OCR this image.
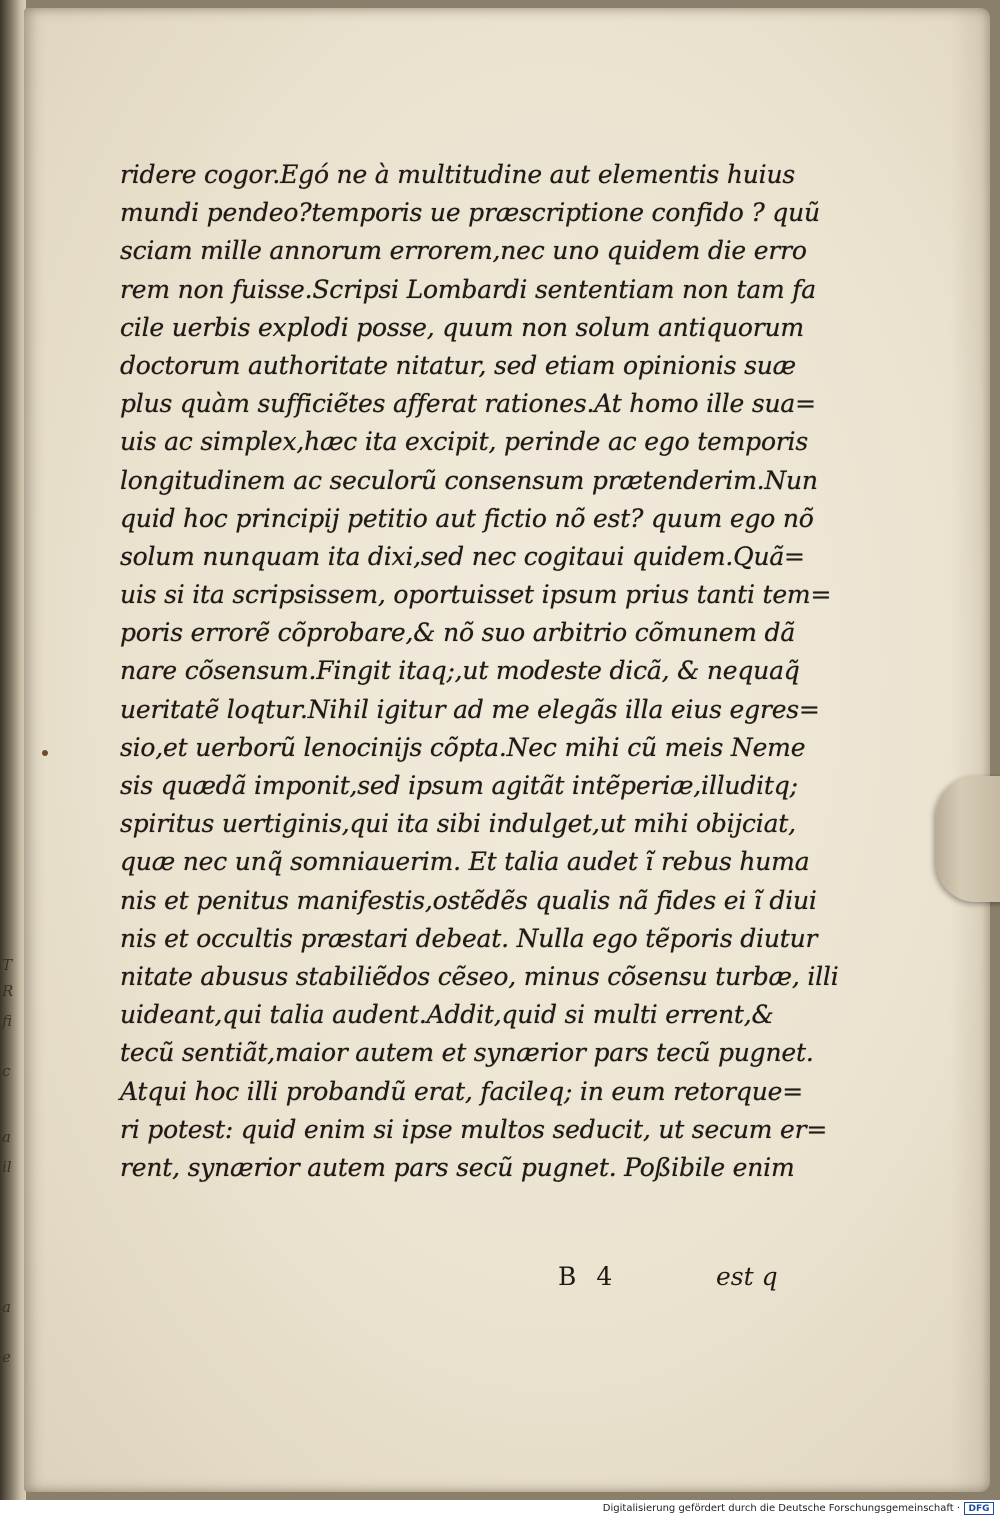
T
R
fi
c
a
il
a
e
ridere cogor.Egó ne à multitudine aut elementis huius
mundi pendeo?temporis ue præscriptione confido ? quũ
sciam mille annorum errorem,nec uno quidem die erro
rem non fuisse.Scripsi Lombardi sententiam non tam fa
cile uerbis explodi posse, quum non solum antiquorum
doctorum authoritate nitatur, sed etiam opinionis suæ
plus quàm sufficiẽtes afferat rationes.At homo ille sua=
uis ac simplex,hæc ita excipit, perinde ac ego temporis
longitudinem ac seculorũ consensum prætenderim.Nun
quid hoc principij petitio aut fictio nõ est? quum ego nõ
solum nunquam ita dixi,sed nec cogitaui quidem.Quã=
uis si ita scripsissem, oportuisset ipsum prius tanti tem=
poris errorẽ cõprobare,& nõ suo arbitrio cõmunem dã
nare cõsensum.Fingit itaq;,ut modeste dicã, & nequaq̃
ueritatẽ loqtur.Nihil igitur ad me elegãs illa eius egres=
sio,et uerborũ lenocinijs cõpta.Nec mihi cũ meis Neme
sis quædã imponit,sed ipsum agitãt intẽperiæ,illuditq;
spiritus uertiginis,qui ita sibi indulget,ut mihi obijciat,
quæ nec unq̃ somniauerim. Et talia audet ĩ rebus huma
nis et penitus manifestis,ostẽdẽs qualis nã fides ei ĩ diui
nis et occultis præstari debeat. Nulla ego tẽporis diutur
nitate abusus stabiliẽdos cẽseo, minus cõsensu turbæ, illi
uideant,qui talia audent.Addit,quid si multi errent,&
tecũ sentiãt,maior autem et synærior pars tecũ pugnet.
Atqui hoc illi probandũ erat, facileq; in eum retorque=
ri potest: quid enim si ipse multos seducit, ut secum er=
rent, synærior autem pars secũ pugnet. Poßibile enim
B 4	est q
Digitalisierung gefördert durch die Deutsche Forschungsgemeinschaft · DFG
